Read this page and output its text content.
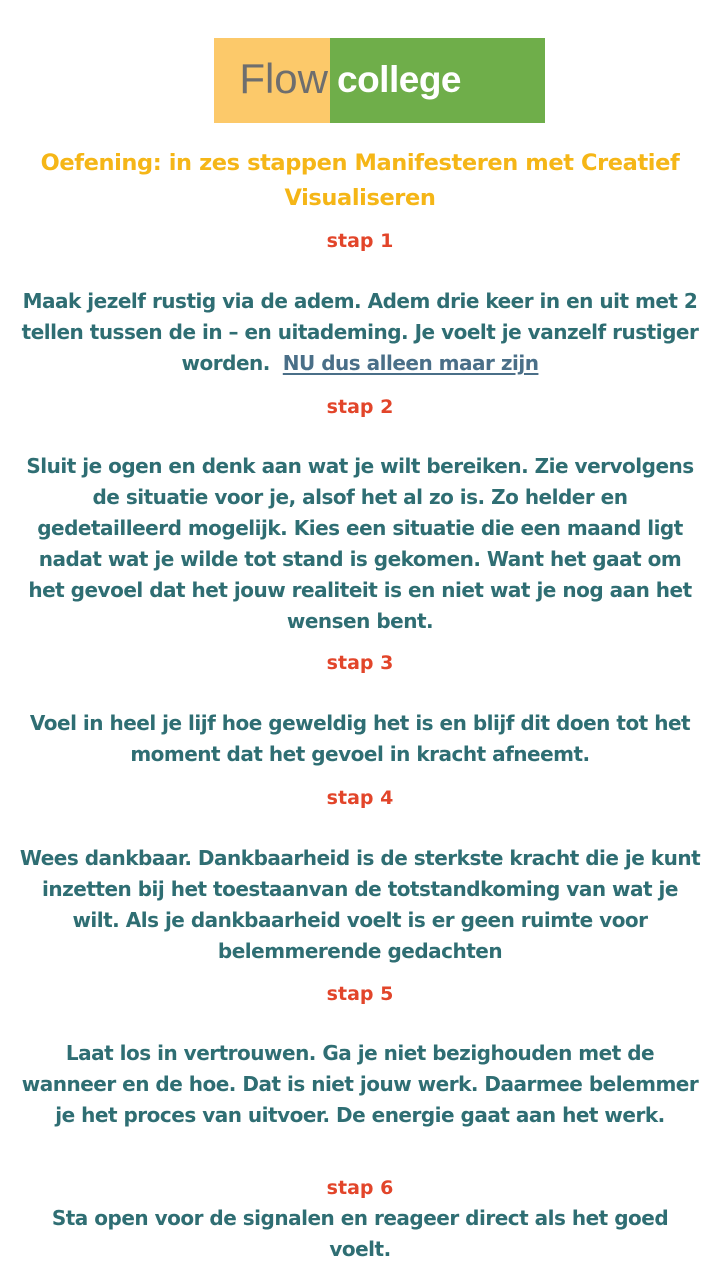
Flow college
Oefening: in zes stappen Manifesteren met Creatief Visualiseren
stap 1
Maak jezelf rustig via de adem. Adem drie keer in en uit met 2 tellen tussen de in – en uitademing. Je voelt je vanzelf rustiger worden. NU dus alleen maar zijn
stap 2
Sluit je ogen en denk aan wat je wilt bereiken. Zie vervolgens de situatie voor je, alsof het al zo is. Zo helder en gedetailleerd mogelijk. Kies een situatie die een maand ligt nadat wat je wilde tot stand is gekomen. Want het gaat om het gevoel dat het jouw realiteit is en niet wat je nog aan het wensen bent.
stap 3
Voel in heel je lijf hoe geweldig het is en blijf dit doen tot het moment dat het gevoel in kracht afneemt.
stap 4
Wees dankbaar. Dankbaarheid is de sterkste kracht die je kunt inzetten bij het toestaanvan de totstandkoming van wat je wilt. Als je dankbaarheid voelt is er geen ruimte voor belemmerende gedachten
stap 5
Laat los in vertrouwen. Ga je niet bezighouden met de wanneer en de hoe. Dat is niet jouw werk. Daarmee belemmer je het proces van uitvoer. De energie gaat aan het werk.
stap 6
Sta open voor de signalen en reageer direct als het goed voelt.
